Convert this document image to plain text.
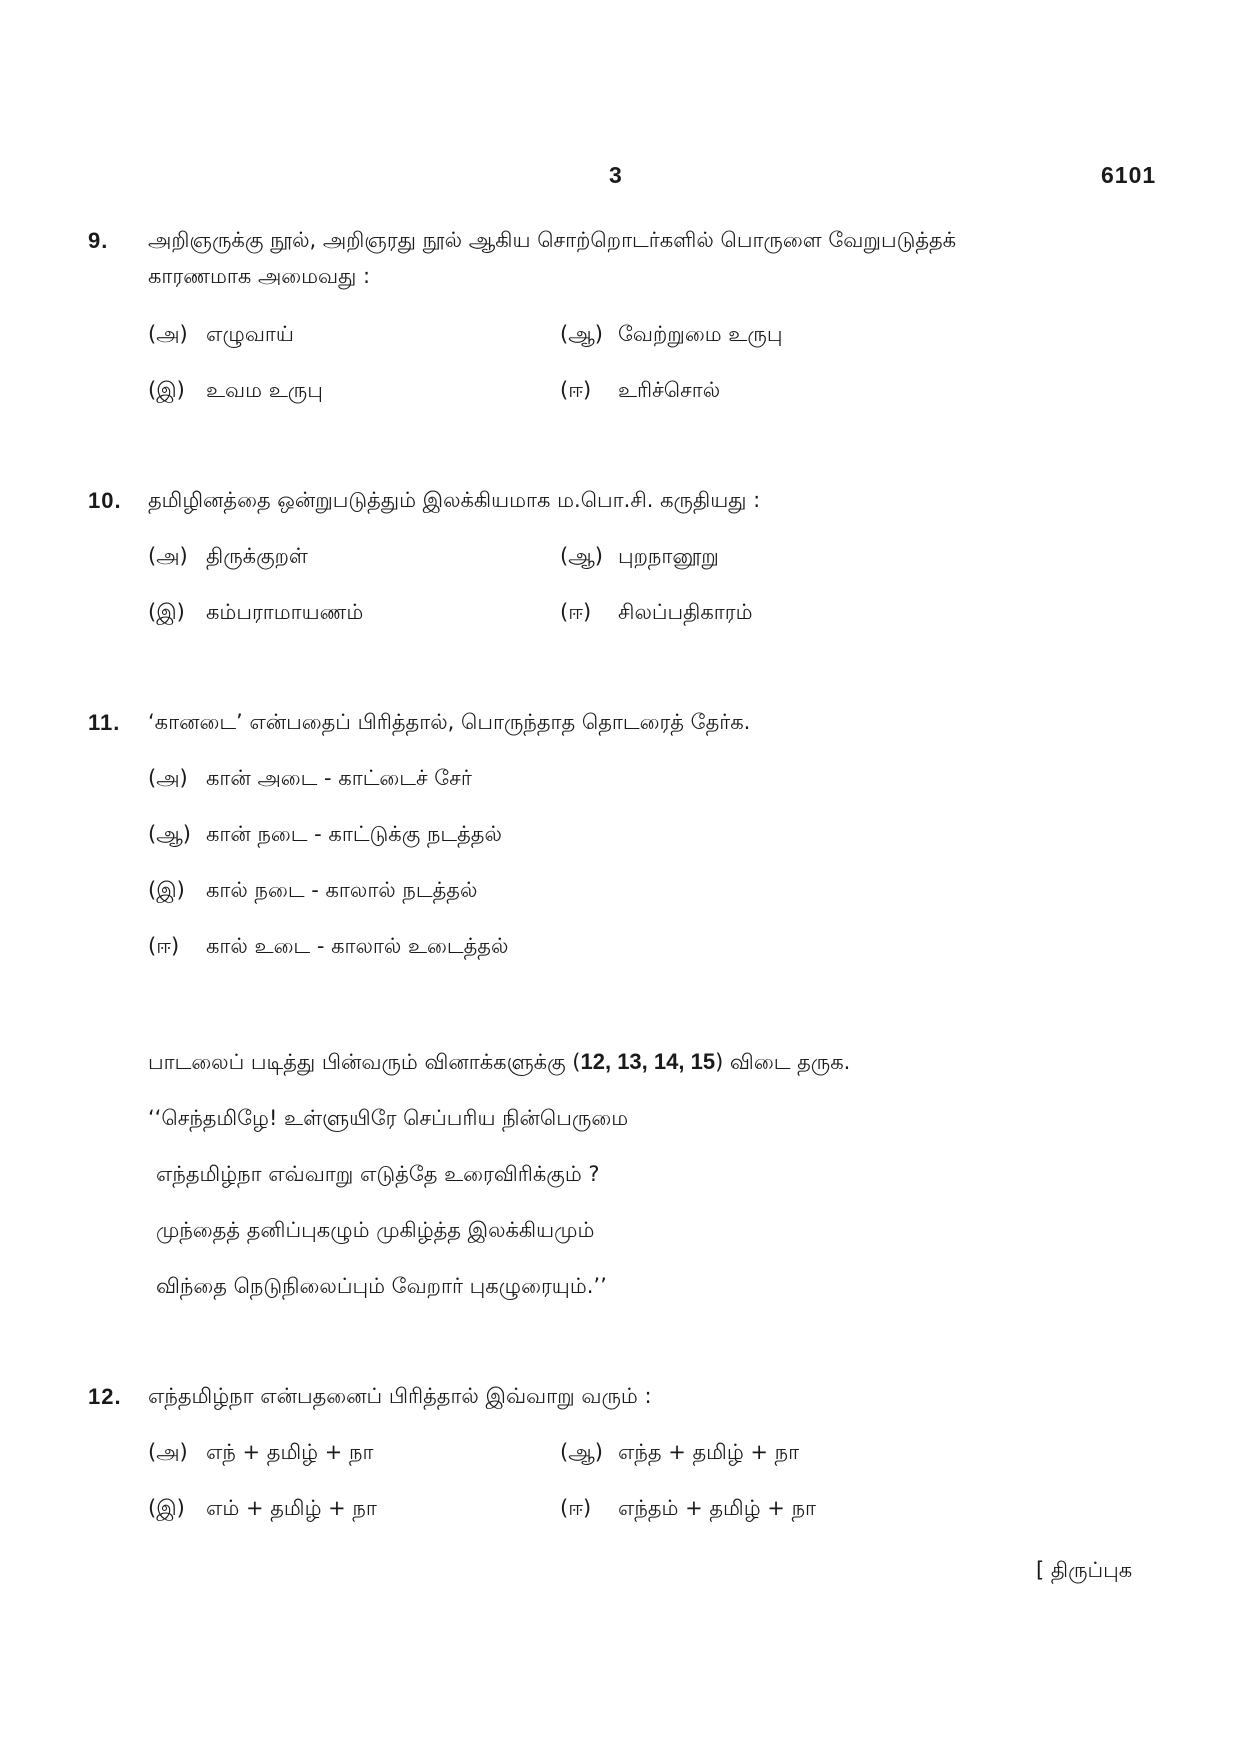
3	6101
9. அறிஞருக்கு நூல், அறிஞரது நூல் ஆகிய சொற்றொடர்களில் பொருளை வேறுபடுத்தக்
காரணமாக அமைவது :
(அ) எழுவாய்	(ஆ) வேற்றுமை உருபு
(இ) உவம உருபு	(ஈ) உரிச்சொல்
10. தமிழினத்தை ஒன்றுபடுத்தும் இலக்கியமாக ம.பொ.சி. கருதியது :
(அ) திருக்குறள்	(ஆ) புறநானூறு
(இ) கம்பராமாயணம்	(ஈ) சிலப்பதிகாரம்
11. ‘கானடை’ என்பதைப் பிரித்தால், பொருந்தாத தொடரைத் தேர்க.
(அ) கான் அடை - காட்டைச் சேர்
(ஆ) கான் நடை - காட்டுக்கு நடத்தல்
(இ) கால் நடை - காலால் நடத்தல்
(ஈ) கால் உடை - காலால் உடைத்தல்
பாடலைப் படித்து பின்வரும் வினாக்களுக்கு (12, 13, 14, 15) விடை தருக.
‘‘செந்தமிழே! உள்ளுயிரே செப்பரிய நின்பெருமை
எந்தமிழ்நா எவ்வாறு எடுத்தே உரைவிரிக்கும் ?
முந்தைத் தனிப்புகழும் முகிழ்த்த இலக்கியமும்
விந்தை நெடுநிலைப்பும் வேறார் புகழுரையும்.’’
12. எந்தமிழ்நா என்பதனைப் பிரித்தால் இவ்வாறு வரும் :
(அ) எந் + தமிழ் + நா	(ஆ) எந்த + தமிழ் + நா
(இ) எம் + தமிழ் + நா	(ஈ) எந்தம் + தமிழ் + நா
[ திருப்புக
